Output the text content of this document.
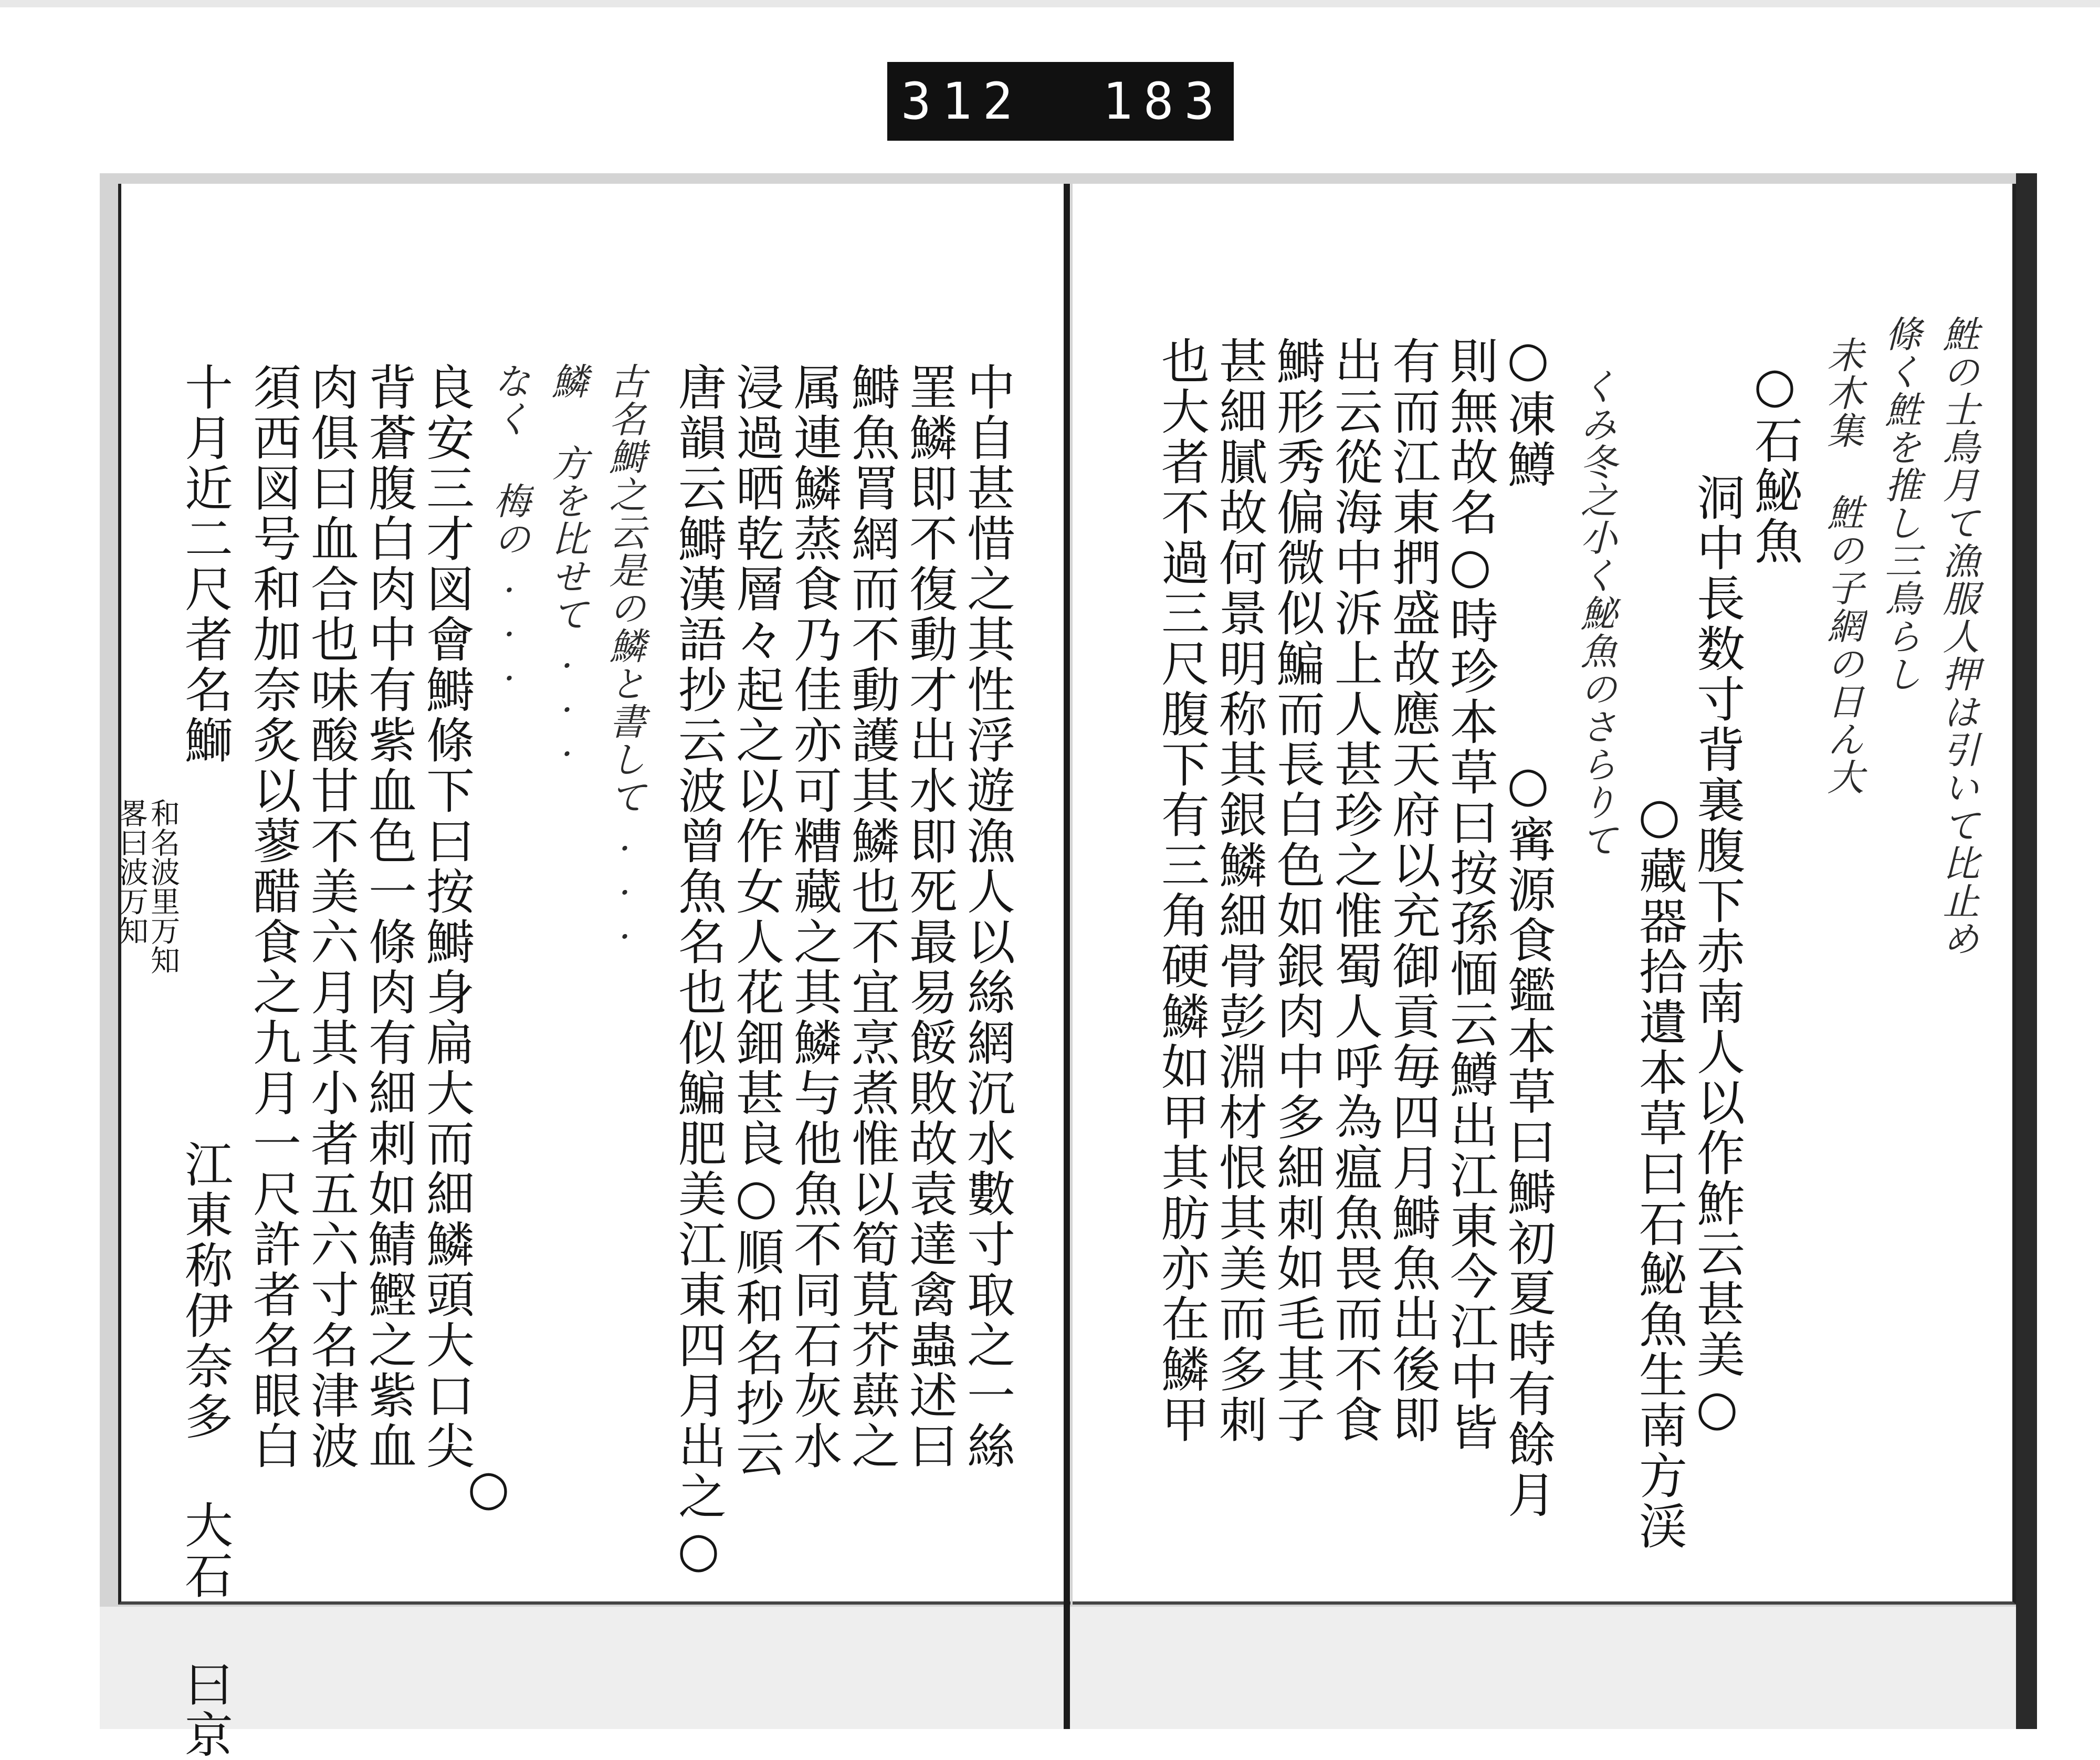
312 183.
鮏の士鳥月て漁服人押は引いて比止め
條く鮏を推し三鳥らし
未木集 鮏の子網の日ん大
○石鮅魚
洞中長数寸背裏腹下赤南人以作鮓云甚美○
○藏器拾遺本草曰石鮅魚生南方渓
くみ冬之小く鮅魚のさらりて
○凍鱒
則無故名○時珍本草曰按孫愐云鱒出江東今江中皆
有而江東捫盛故應天府以充御貢毎四月鰣魚出後即
出云從海中泝上人甚珍之惟蜀人呼為瘟魚畏而不食
鰣形秀偏微似鯿而長白色如銀肉中多細刺如毛其子
甚細膩故何景明称其銀鱗細骨彭淵材恨其美而多刺
也大者不過三尺腹下有三角硬鱗如甲其肪亦在鱗甲	○寗源食鑑本草曰鰣初夏時有餘月
中自甚惜之其性浮遊漁人以絲網沉水數寸取之一絲
罣鱗即不復動才出水即死最易餒敗故袁達禽蟲述曰
鰣魚罥網而不動護其鱗也不宜烹煮惟以筍莧芥蕻之
属連鱗蒸食乃佳亦可糟藏之其鱗与他魚不同石灰水
浸過晒乾層々起之以作女人花鈿甚良○順和名抄云
唐韻云鰣漢語抄云波曾魚名也似鯿肥美江東四月出之○
古名鰣之云是の鱗と書して...
鱗 方を比せて...
なく 梅の...
良安三才図會鰣條下曰按鰣身扁大而細鱗頭大口尖
背蒼腹白肉中有紫血色一條肉有細刺如鯖鰹之紫血
肉俱曰血合也味酸甘不美六月其小者五六寸名津波
須西図号和加奈炙以蓼醋食之九月一尺許者名眼白
十月近二尺者名鰤
江東称伊奈多 大石 曰京
和名波里万知
畧曰波万知
○
